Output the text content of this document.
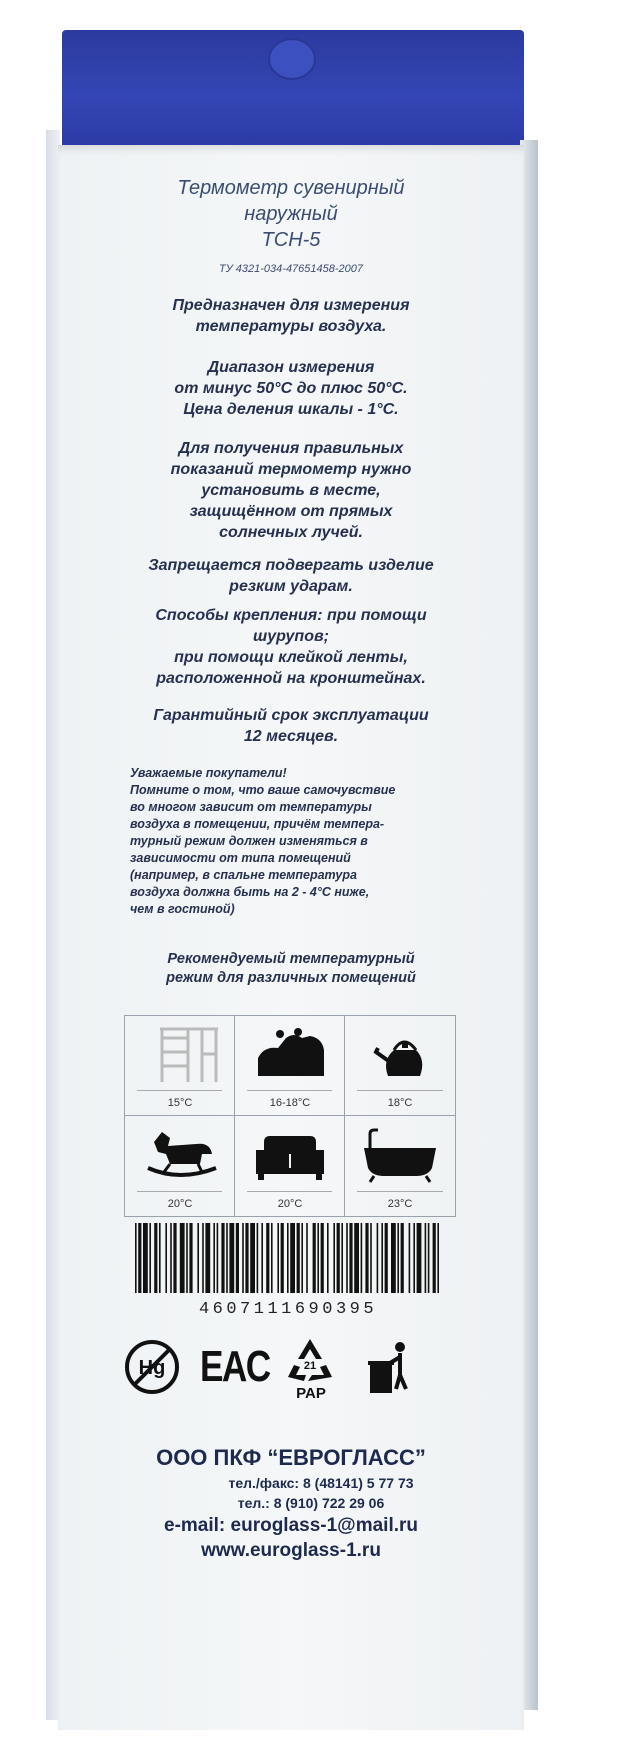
Термометр сувенирный
наружный
ТСН-5
ТУ 4321-034-47651458-2007
Предназначен для измерения
температуры воздуха.
Диапазон измерения
от минус 50°С до плюс 50°С.
Цена деления шкалы - 1°С.
Для получения правильных
показаний термометр нужно
установить в месте,
защищённом от прямых
солнечных лучей.
Запрещается подвергать изделие
резким ударам.
Способы крепления: при помощи
шурупов;
при помощи клейкой ленты,
расположенной на кронштейнах.
Гарантийный срок эксплуатации
12 месяцев.
Уважаемые покупатели!
Помните о том, что ваше самочувствие
во многом зависит от температуры
воздуха в помещении, причём темпера-
турный режим должен изменяться в
зависимости от типа помещений
(например, в спальне температура
воздуха должна быть на 2 - 4°С ниже,
чем в гостиной)
Рекомендуемый температурный
режим для различных помещений
15°C	16-18°C	18°C
20°C	20°C	23°C
4607111690395
Hg EAC	21
PAP
ООО ПКФ “ЕВРОГЛАСС”
тел./факс: 8 (48141) 5 77 73
тел.: 8 (910) 722 29 06
e-mail: euroglass-1@mail.ru
www.euroglass-1.ru
